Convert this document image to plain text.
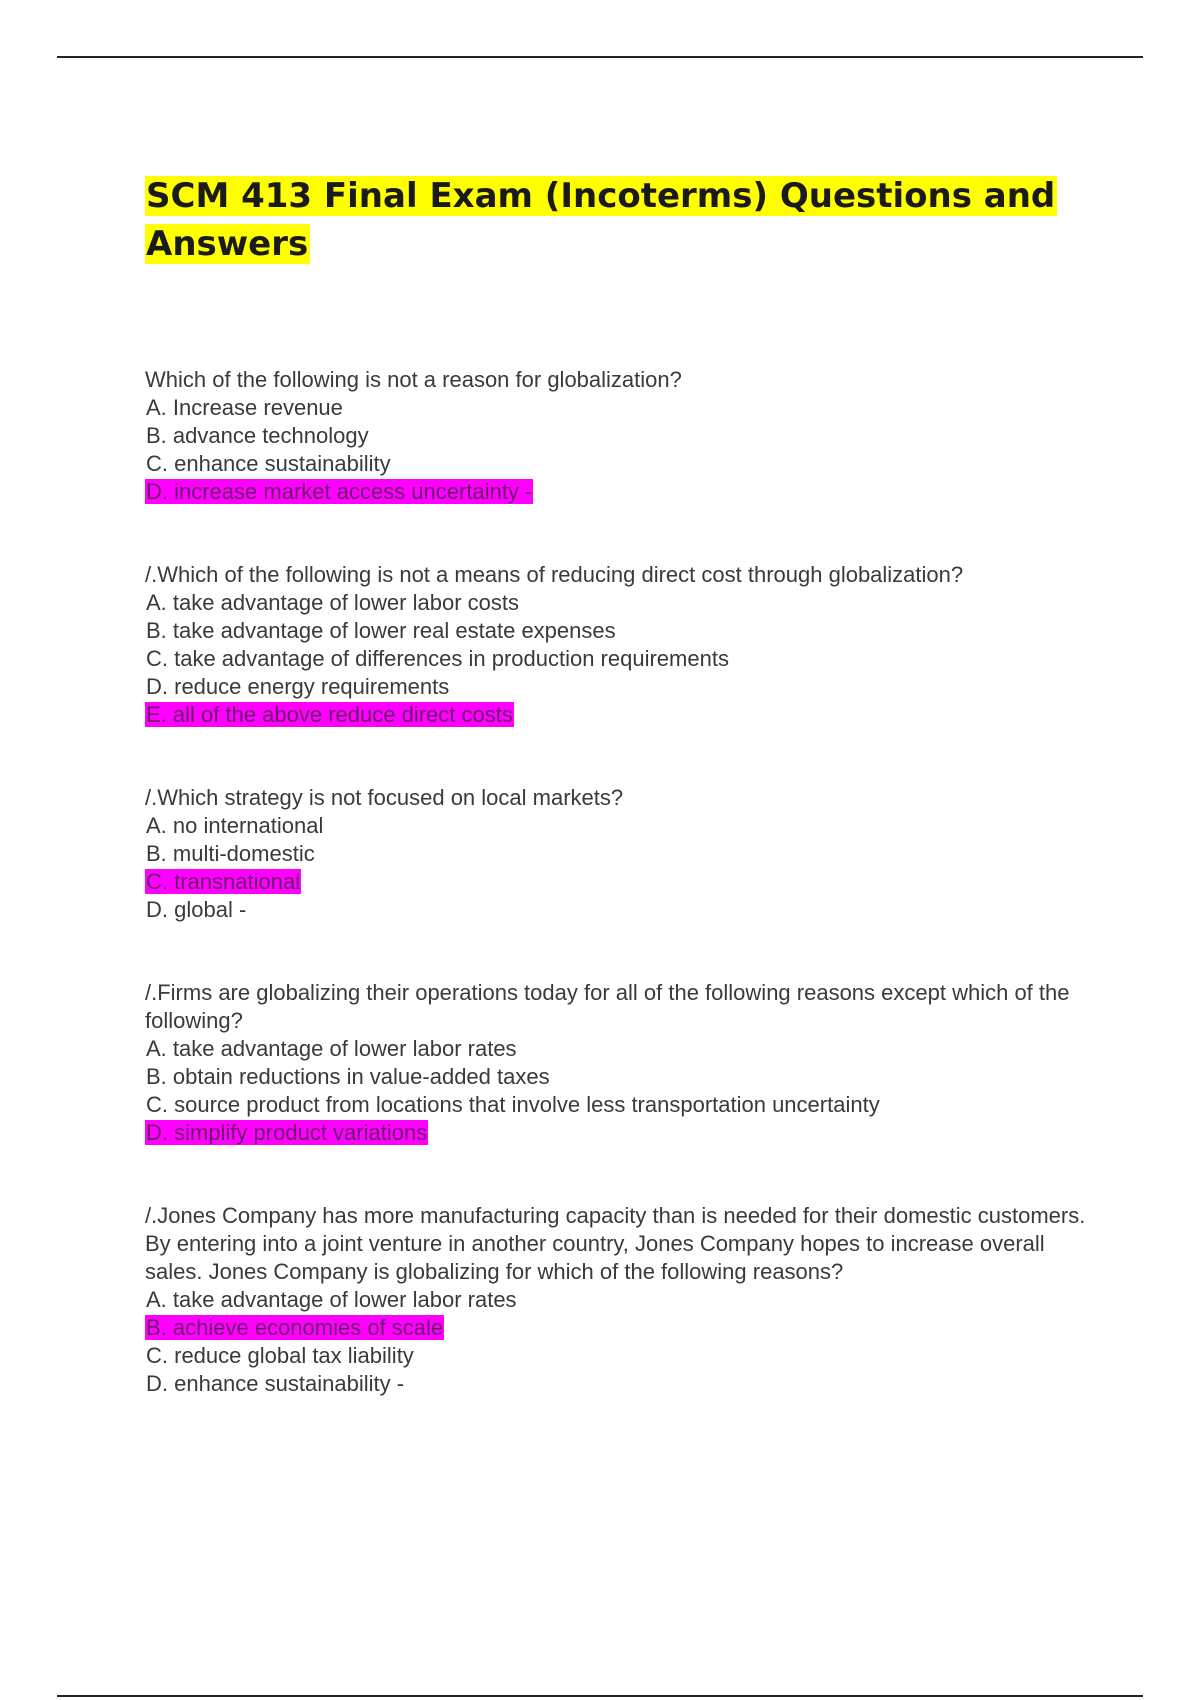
SCM 413 Final Exam (Incoterms) Questions and Answers

Which of the following is not a reason for globalization?

A. Increase revenue
B. advance technology
C. enhance sustainability
D. increase market access uncertainty -

/.Which of the following is not a means of reducing direct cost through globalization?

A. take advantage of lower labor costs
B. take advantage of lower real estate expenses
C. take advantage of differences in production requirements
D. reduce energy requirements
E. all of the above reduce direct costs

/.Which strategy is not focused on local markets?

A. no international
B. multi-domestic
C. transnational
D. global -

/.Firms are globalizing their operations today for all of the following reasons except which of the following?

A. take advantage of lower labor rates
B. obtain reductions in value-added taxes
C. source product from locations that involve less transportation uncertainty
D. simplify product variations

/.Jones Company has more manufacturing capacity than is needed for their domestic customers. By entering into a joint venture in another country, Jones Company hopes to increase overall sales. Jones Company is globalizing for which of the following reasons?

A. take advantage of lower labor rates
B. achieve economies of scale
C. reduce global tax liability
D. enhance sustainability -
